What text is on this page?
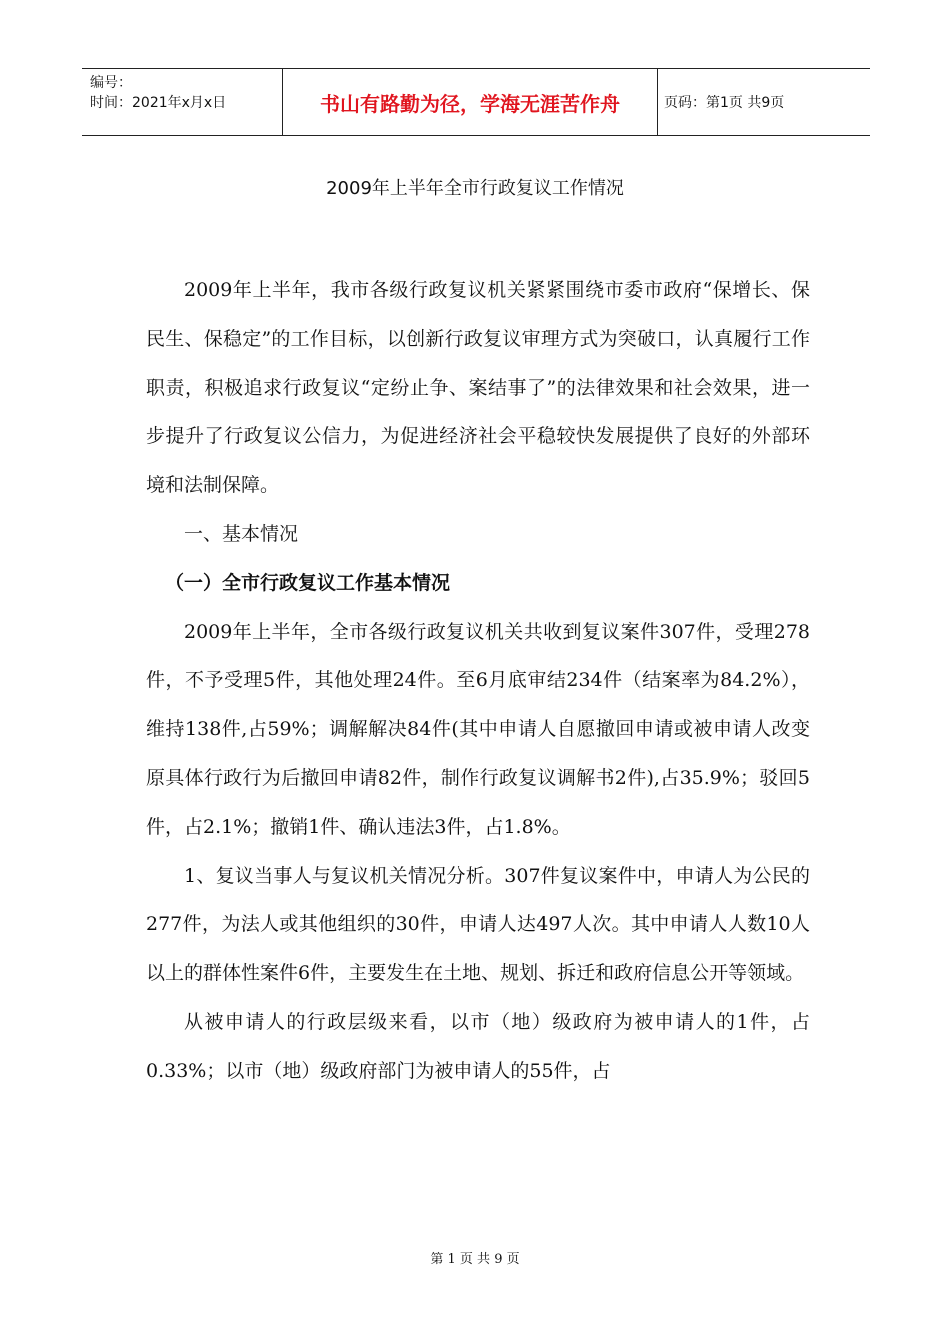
编号：
时间：2021年x月x日	书山有路勤为径，学海无涯苦作舟	页码：第1页 共9页
2009年上半年全市行政复议工作情况

2009年上半年，我市各级行政复议机关紧紧围绕市委市政府“保增长、保民生、保稳定”的工作目标，以创新行政复议审理方式为突破口，认真履行工作职责，积极追求行政复议“定纷止争、案结事了”的法律效果和社会效果，进一步提升了行政复议公信力，为促进经济社会平稳较快发展提供了良好的外部环境和法制保障。

一、基本情况

（一）全市行政复议工作基本情况

2009年上半年，全市各级行政复议机关共收到复议案件307件，受理278件，不予受理5件，其他处理24件。至6月底审结234件（结案率为84.2%），维持138件,占59%；调解解决84件(其中申请人自愿撤回申请或被申请人改变原具体行政行为后撤回申请82件，制作行政复议调解书2件),占35.9%；驳回5件，占2.1%；撤销1件、确认违法3件，占1.8%。

1、复议当事人与复议机关情况分析。307件复议案件中，申请人为公民的277件，为法人或其他组织的30件，申请人达497人次。其中申请人人数10人以上的群体性案件6件，主要发生在土地、规划、拆迁和政府信息公开等领域。

从被申请人的行政层级来看，以市（地）级政府为被申请人的1件，占0.33%；以市（地）级政府部门为被申请人的55件，占

第 1 页 共 9 页
